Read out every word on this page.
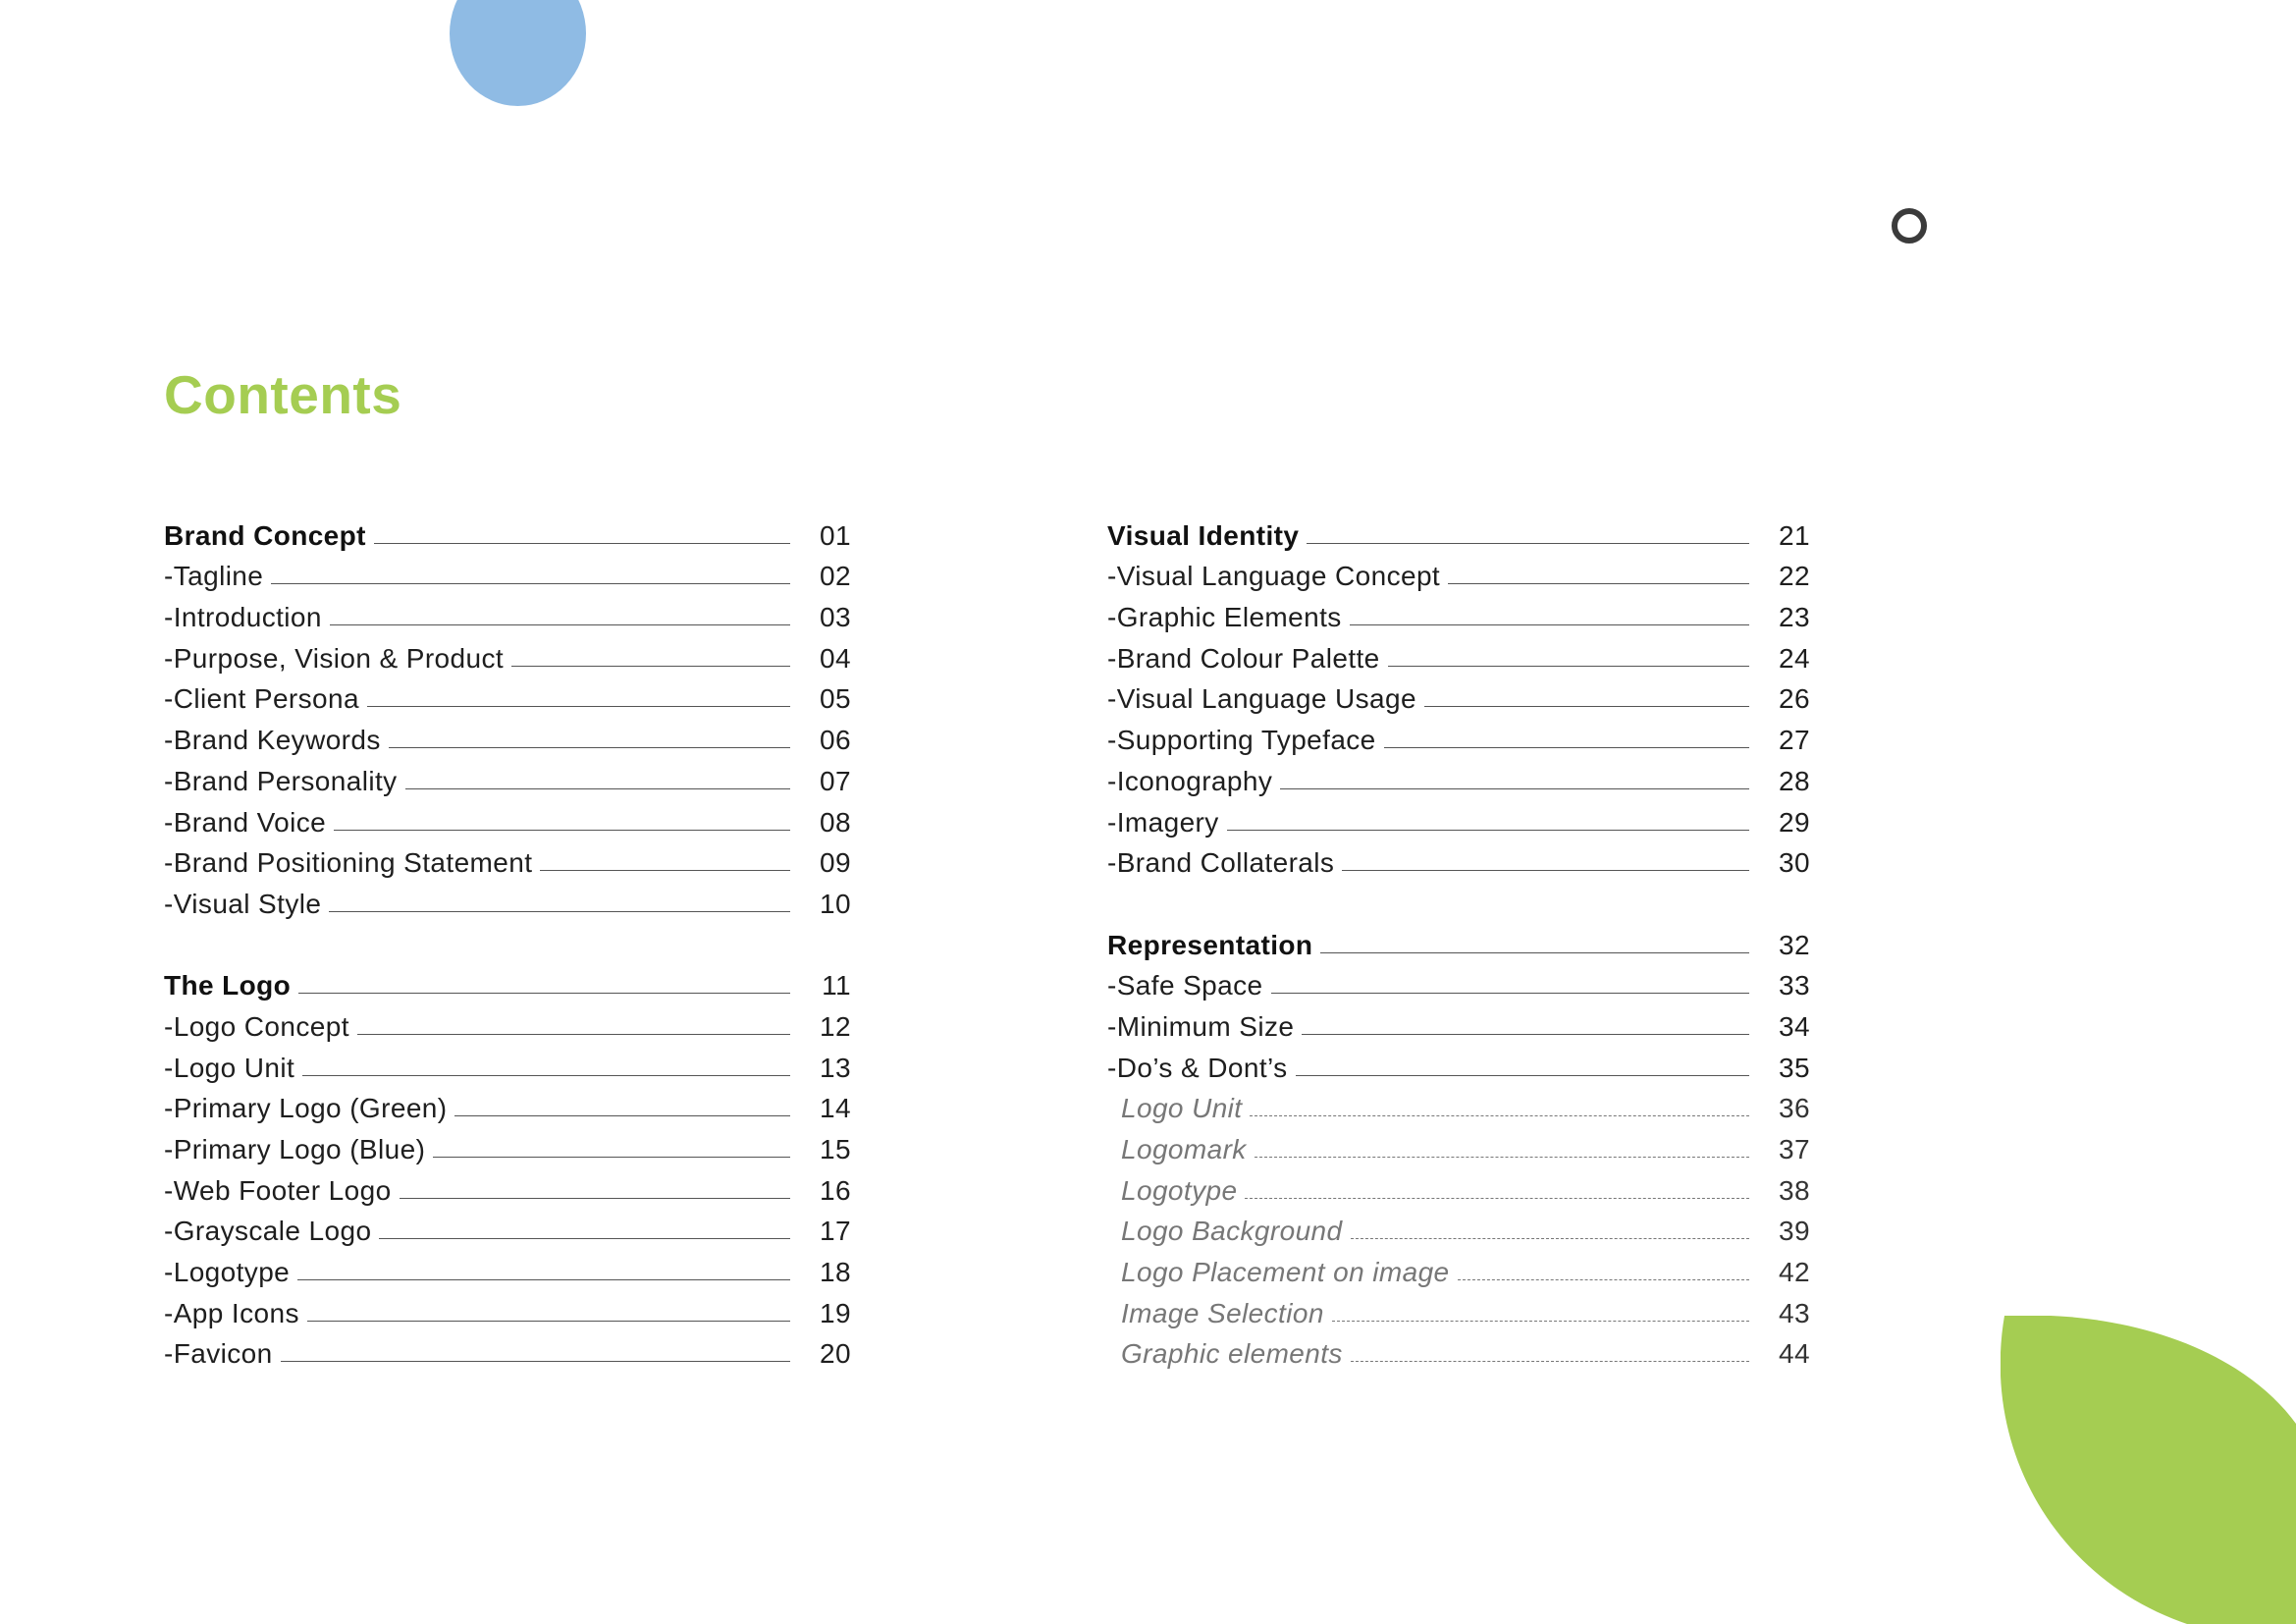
Contents
Brand Concept	01
-Tagline	02
-Introduction	03
-Purpose, Vision & Product	04
-Client Persona	05
-Brand Keywords	06
-Brand Personality	07
-Brand Voice	08
-Brand Positioning Statement	09
-Visual Style	10
The Logo	11
-Logo Concept	12
-Logo Unit	13
-Primary Logo (Green)	14
-Primary Logo (Blue)	15
-Web Footer Logo	16
-Grayscale Logo	17
-Logotype	18
-App Icons	19
-Favicon	20
Visual Identity	21
-Visual Language Concept	22
-Graphic Elements	23
-Brand Colour Palette	24
-Visual Language Usage	26
-Supporting Typeface	27
-Iconography	28
-Imagery	29
-Brand Collaterals	30
Representation	32
-Safe Space	33
-Minimum Size	34
-Do’s & Dont’s	35
Logo Unit	36
Logomark	37
Logotype	38
Logo Background	39
Logo Placement on image	42
Image Selection	43
Graphic elements	44
